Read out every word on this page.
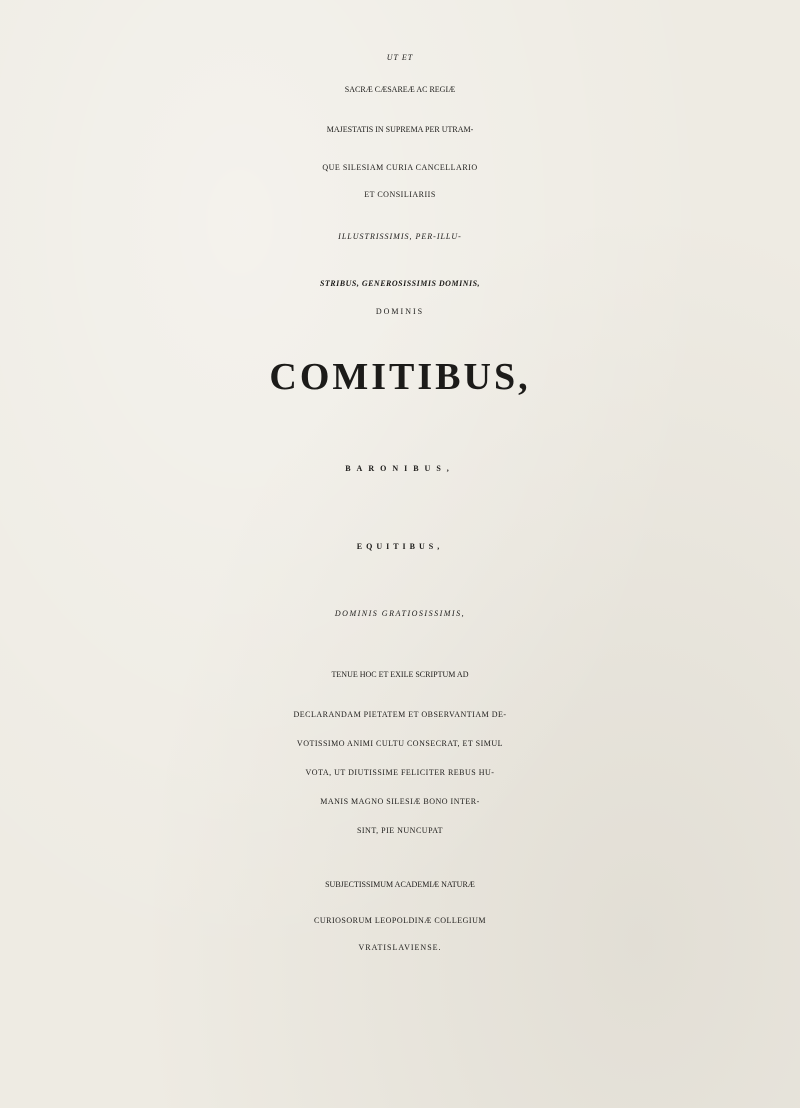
UT ET

SACRÆ CÆSAREÆ AC REGIÆ

MAJESTATIS IN SUPREMA PER UTRAM-

QUE SILESIAM CURIA CANCELLARIO

ET CONSILIARIIS

ILLUSTRISSIMIS, PER-ILLU-

STRIBUS, GENEROSISSIMIS DOMINIS,

DOMINIS

COMITIBUS,

BARONIBUS,

EQUITIBUS,

DOMINIS GRATIOSISSIMIS,

TENUE HOC ET EXILE SCRIPTUM AD

DECLARANDAM PIETATEM ET OBSERVANTIAM DE-

VOTISSIMO ANIMI CULTU CONSECRAT, ET SIMUL

VOTA, UT DIUTISSIME FELICITER REBUS HU-

MANIS MAGNO SILESIÆ BONO INTER-

SINT, PIE NUNCUPAT

SUBJECTISSIMUM ACADEMIÆ NATURÆ

CURIOSORUM LEOPOLDINÆ COLLEGIUM

VRATISLAVIENSE.
